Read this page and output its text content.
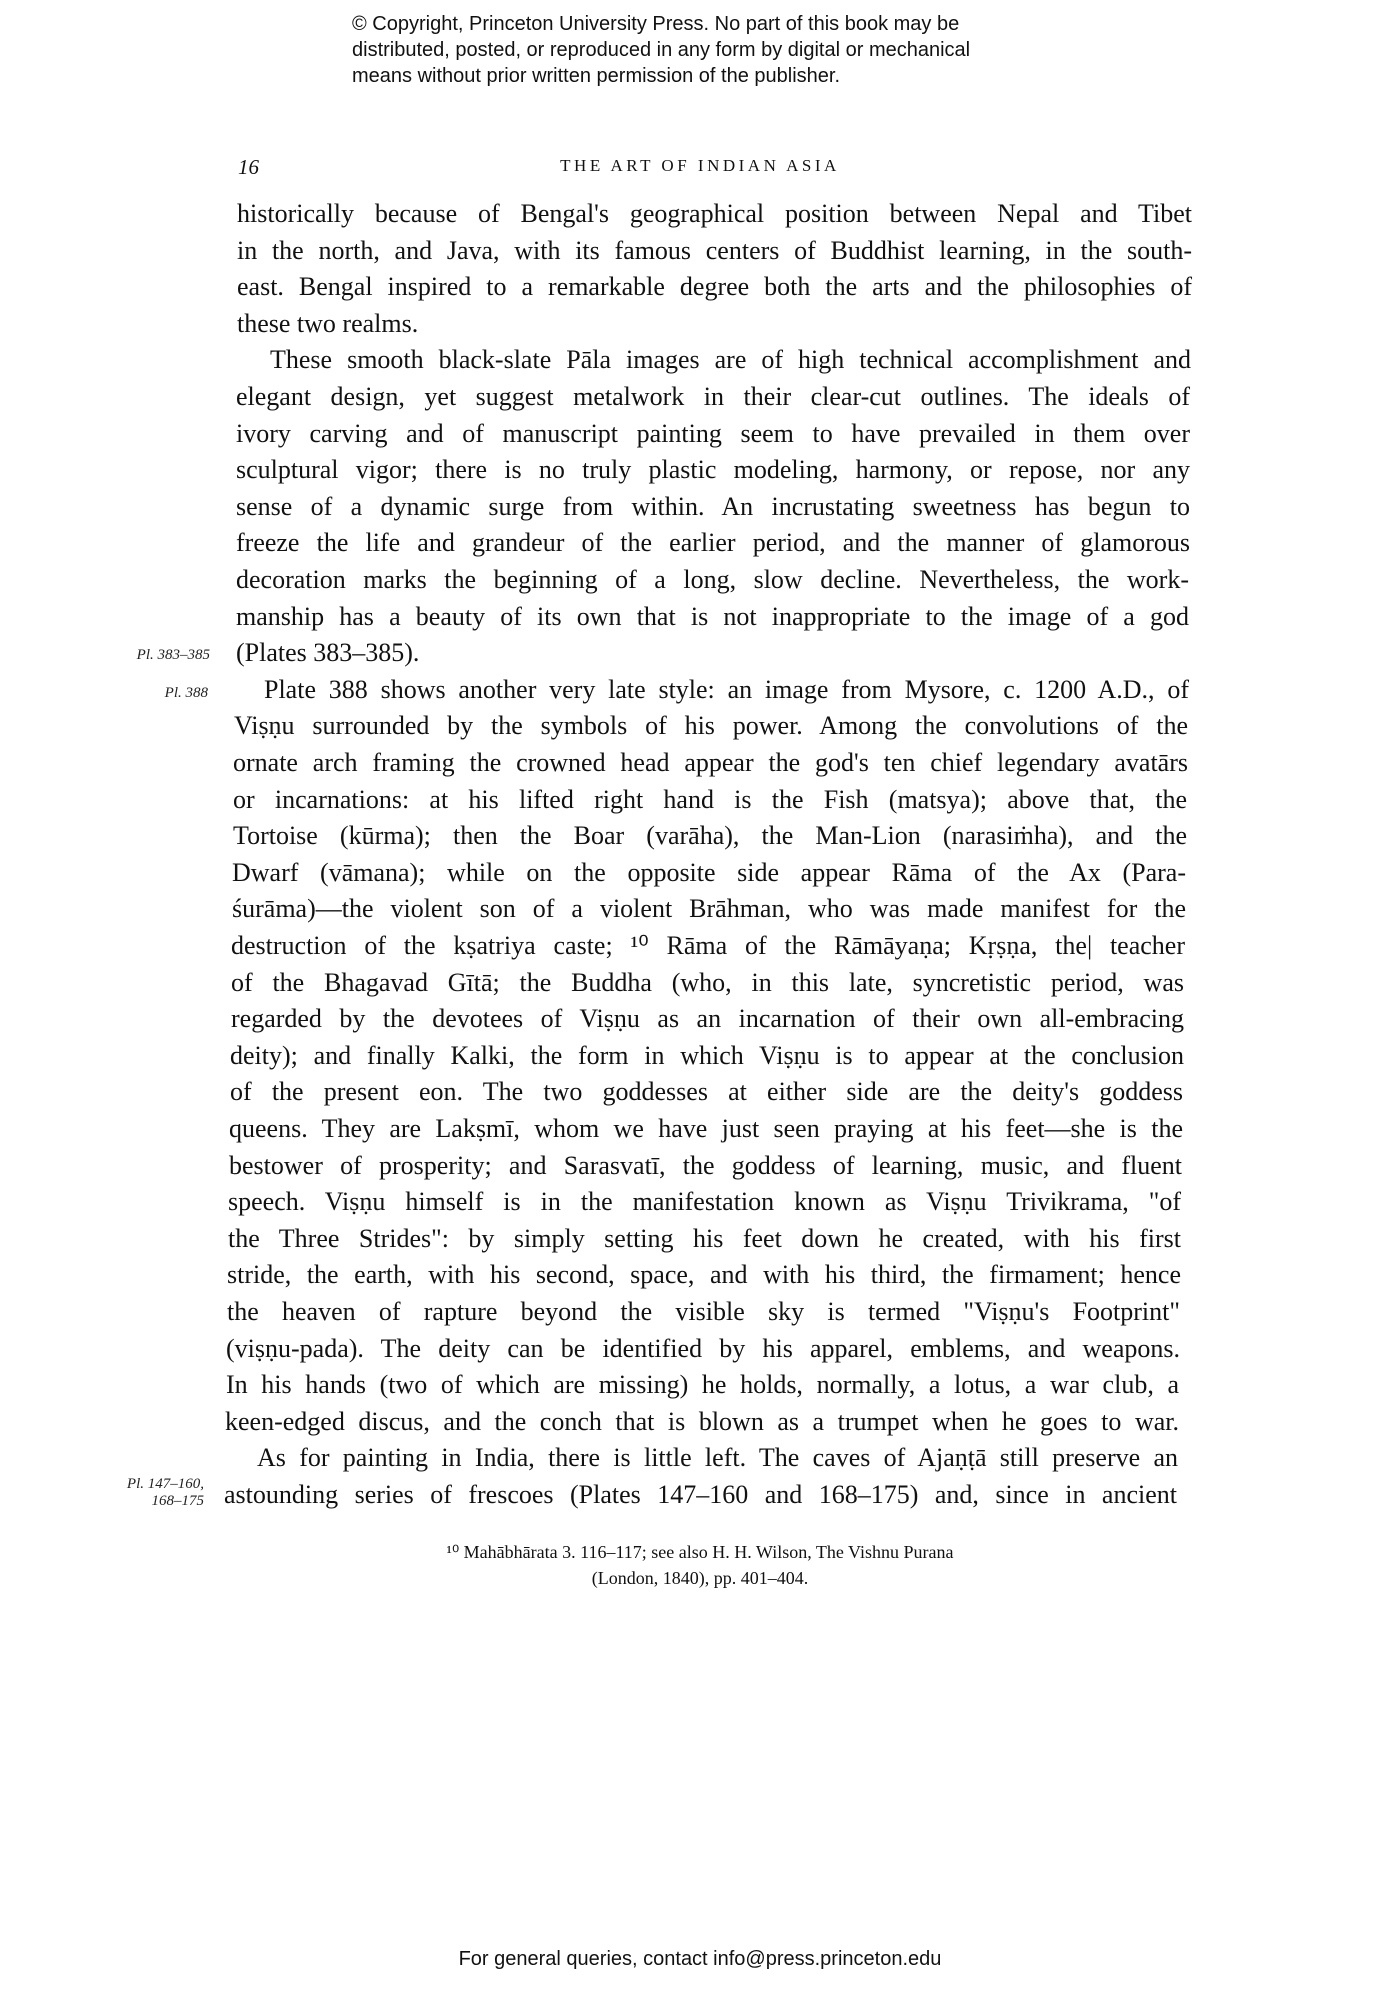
© Copyright, Princeton University Press. No part of this book may be
distributed, posted, or reproduced in any form by digital or mechanical
means without prior written permission of the publisher.
16	THE ART OF INDIAN ASIA
historically because of Bengal's geographical position between Nepal and Tibet
in the north, and Java, with its famous centers of Buddhist learning, in the south-
east. Bengal inspired to a remarkable degree both the arts and the philosophies of
these two realms.
These smooth black-slate Pāla images are of high technical accomplishment and
elegant design, yet suggest metalwork in their clear-cut outlines. The ideals of
ivory carving and of manuscript painting seem to have prevailed in them over
sculptural vigor; there is no truly plastic modeling, harmony, or repose, nor any
sense of a dynamic surge from within. An incrustating sweetness has begun to
freeze the life and grandeur of the earlier period, and the manner of glamorous
decoration marks the beginning of a long, slow decline. Nevertheless, the work-
manship has a beauty of its own that is not inappropriate to the image of a god
(Plates 383–385).
Plate 388 shows another very late style: an image from Mysore, c. 1200 A.D., of
Viṣṇu surrounded by the symbols of his power. Among the convolutions of the
ornate arch framing the crowned head appear the god's ten chief legendary avatārs
or incarnations: at his lifted right hand is the Fish (matsya); above that, the
Tortoise (kūrma); then the Boar (varāha), the Man-Lion (narasiṁha), and the
Dwarf (vāmana); while on the opposite side appear Rāma of the Ax (Para-
śurāma)—the violent son of a violent Brāhman, who was made manifest for the
destruction of the kṣatriya caste; ¹⁰ Rāma of the Rāmāyaṇa; Kṛṣṇa, the| teacher
of the Bhagavad Gītā; the Buddha (who, in this late, syncretistic period, was
regarded by the devotees of Viṣṇu as an incarnation of their own all-embracing
deity); and finally Kalki, the form in which Viṣṇu is to appear at the conclusion
of the present eon. The two goddesses at either side are the deity's goddess
queens. They are Lakṣmī, whom we have just seen praying at his feet—she is the
bestower of prosperity; and Sarasvatī, the goddess of learning, music, and fluent
speech. Viṣṇu himself is in the manifestation known as Viṣṇu Trivikrama, "of
the Three Strides": by simply setting his feet down he created, with his first
stride, the earth, with his second, space, and with his third, the firmament; hence
the heaven of rapture beyond the visible sky is termed "Viṣṇu's Footprint"
(viṣṇu-pada). The deity can be identified by his apparel, emblems, and weapons.
In his hands (two of which are missing) he holds, normally, a lotus, a war club, a
keen-edged discus, and the conch that is blown as a trumpet when he goes to war.
As for painting in India, there is little left. The caves of Ajaṇṭā still preserve an
astounding series of frescoes (Plates 147–160 and 168–175) and, since in ancient
Pl. 383–385
Pl. 388
Pl. 147–160,
168–175
¹⁰ Mahābhārata 3. 116–117; see also H. H. Wilson, The Vishnu Purana
(London, 1840), pp. 401–404.
For general queries, contact info@press.princeton.edu
